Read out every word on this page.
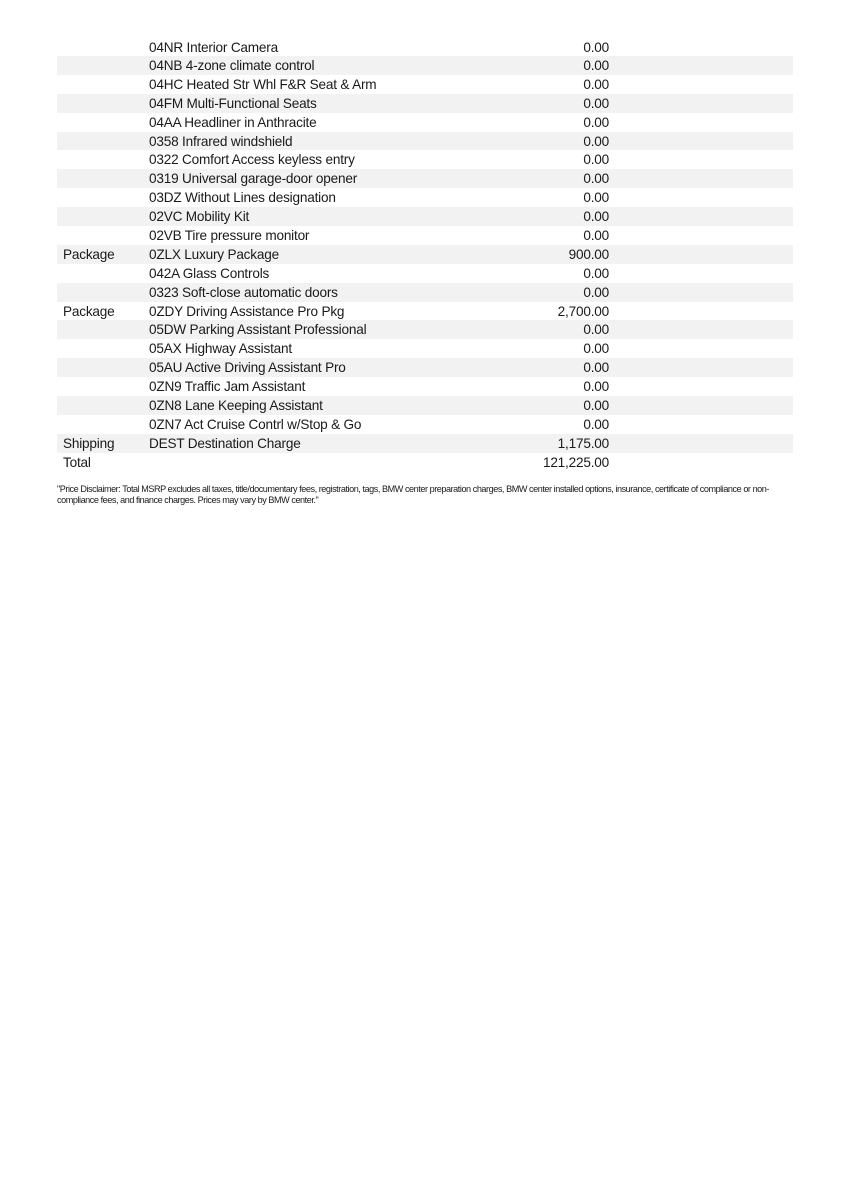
04NR Interior Camera	0.00
04NB 4-zone climate control	0.00
04HC Heated Str Whl F&R Seat & Arm	0.00
04FM Multi-Functional Seats	0.00
04AA Headliner in Anthracite	0.00
0358 Infrared windshield	0.00
0322 Comfort Access keyless entry	0.00
0319 Universal garage-door opener	0.00
03DZ Without Lines designation	0.00
02VC Mobility Kit	0.00
02VB Tire pressure monitor	0.00
Package	0ZLX Luxury Package	900.00
042A Glass Controls	0.00
0323 Soft-close automatic doors	0.00
Package	0ZDY Driving Assistance Pro Pkg	2,700.00
05DW Parking Assistant Professional	0.00
05AX Highway Assistant	0.00
05AU Active Driving Assistant Pro	0.00
0ZN9 Traffic Jam Assistant	0.00
0ZN8 Lane Keeping Assistant	0.00
0ZN7 Act Cruise Contrl w/Stop & Go	0.00
Shipping	DEST Destination Charge	1,175.00
Total	121,225.00
"Price Disclaimer: Total MSRP excludes all taxes, title/documentary fees, registration, tags, BMW center preparation charges, BMW center installed options, insurance, certificate of compliance or non-compliance fees, and finance charges. Prices may vary by BMW center."
